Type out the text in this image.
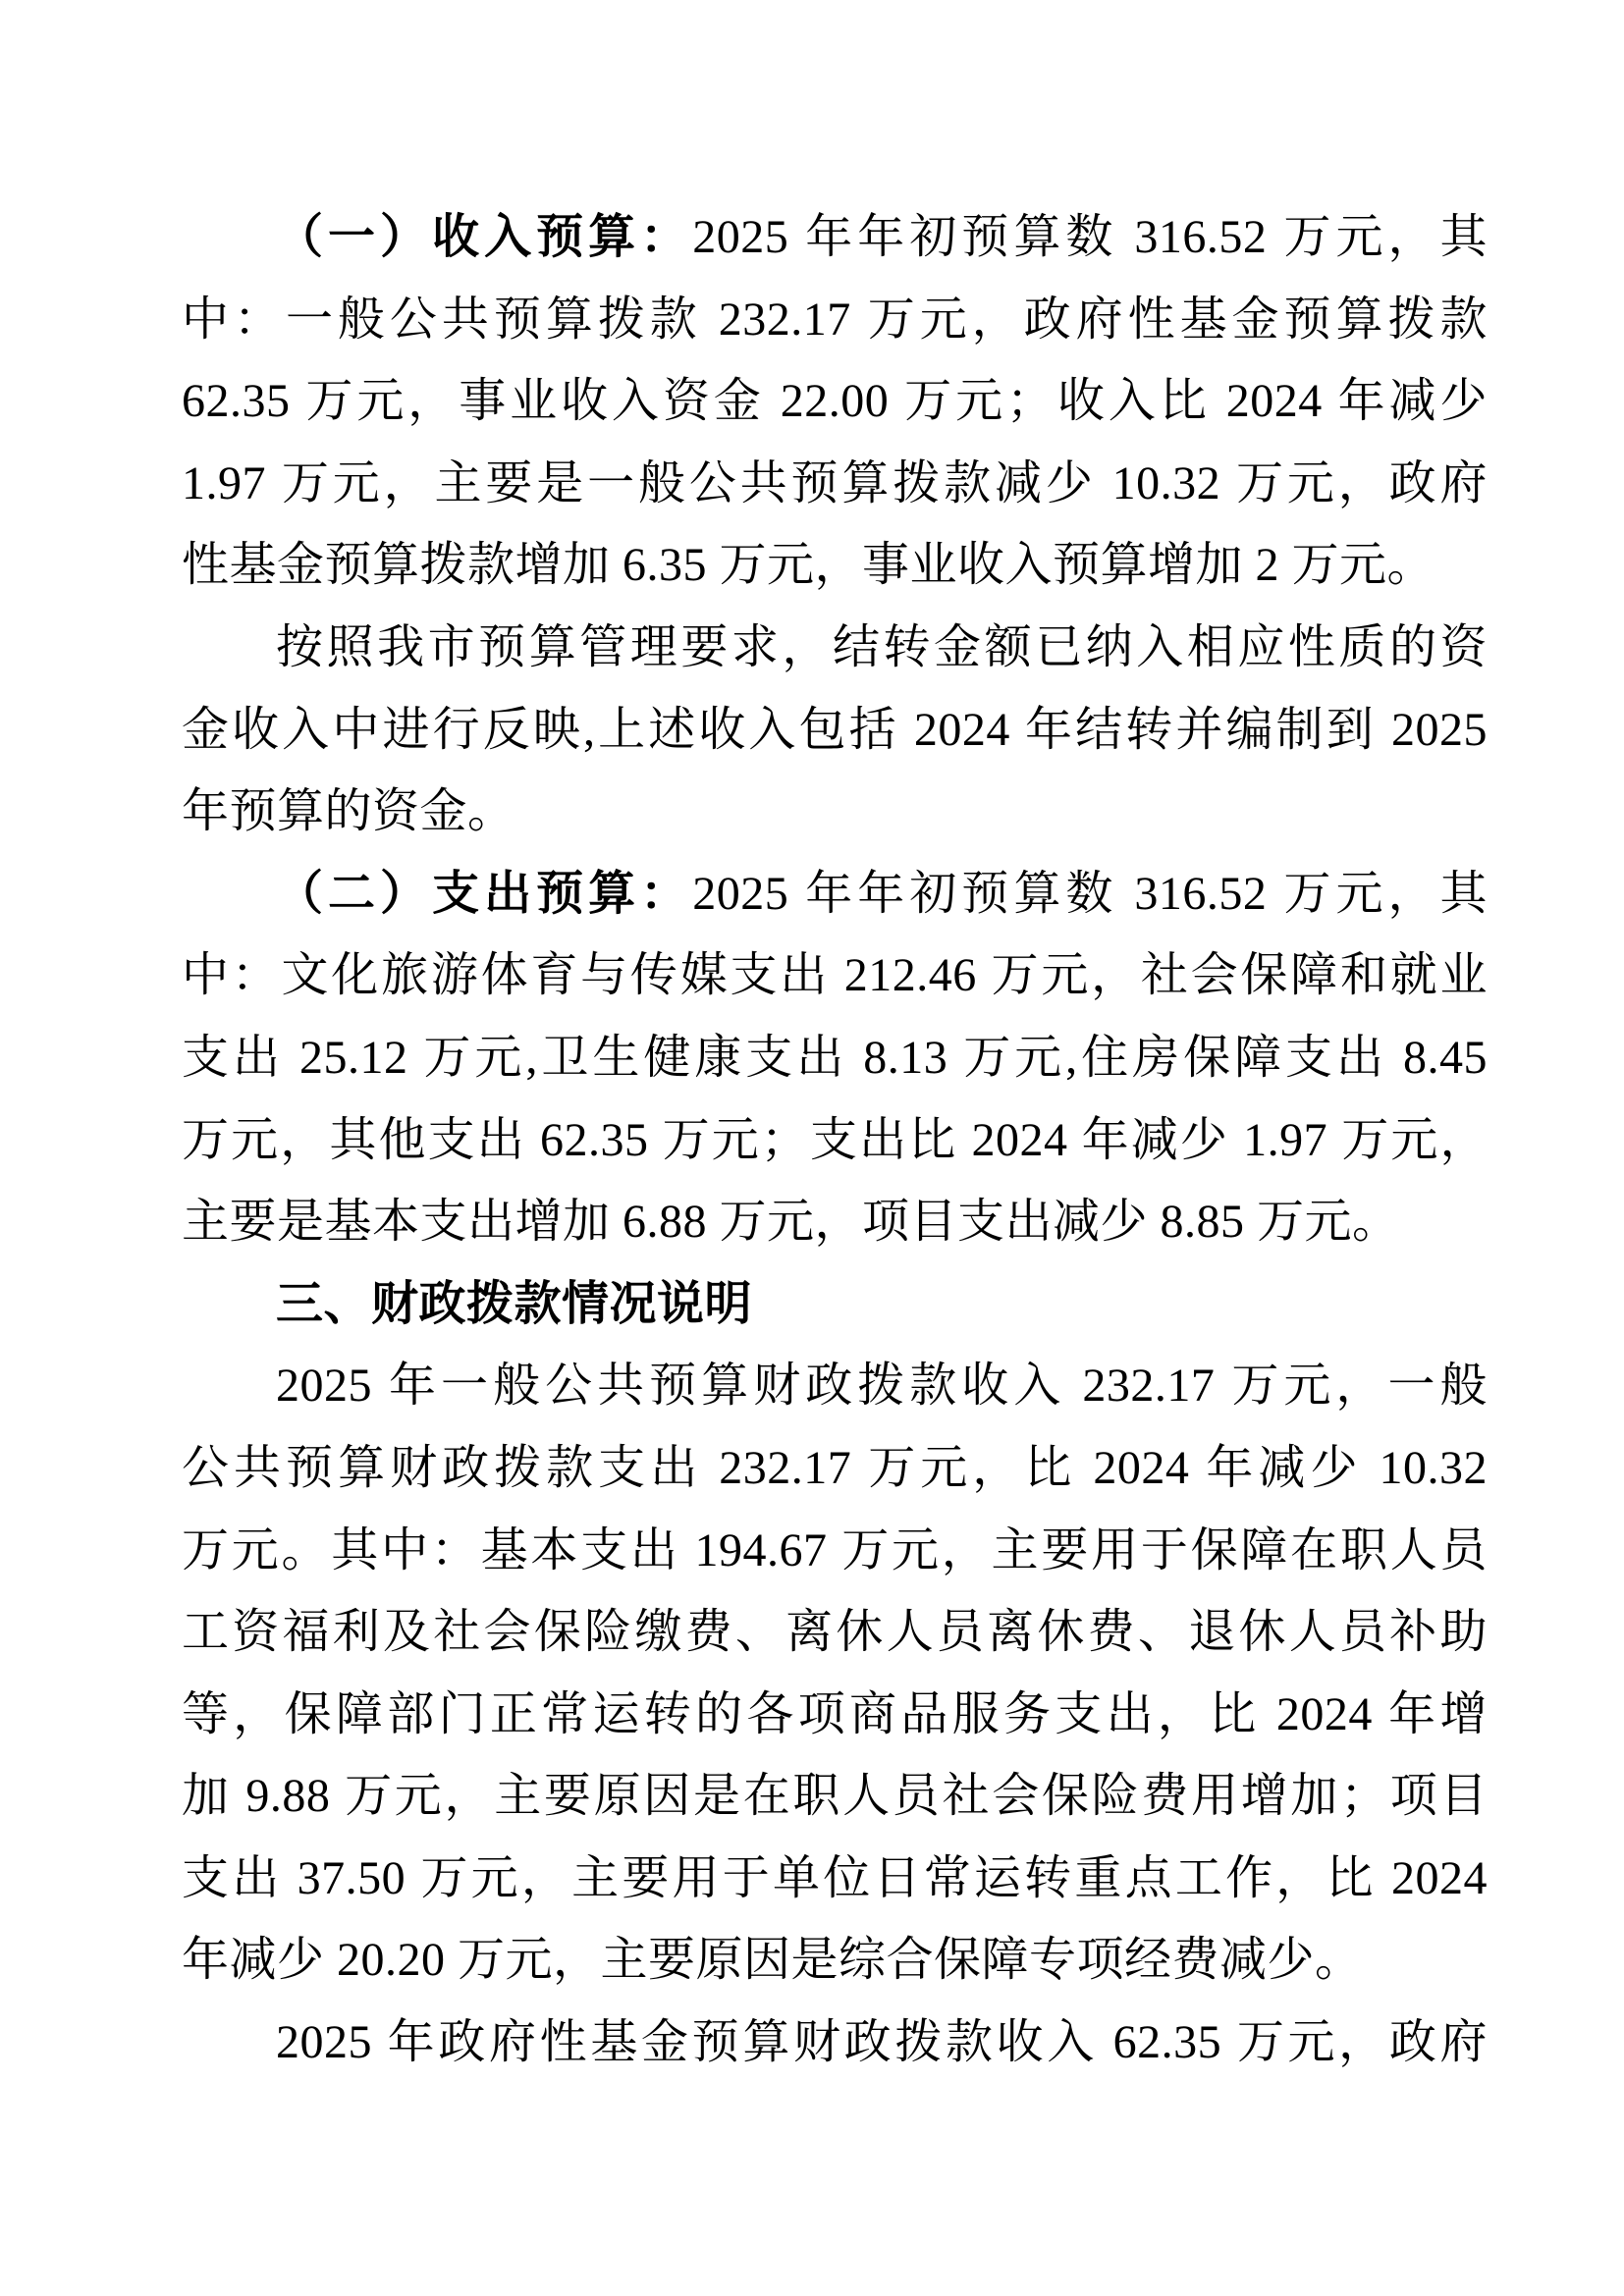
（一）收入预算：2025 年年初预算数 316.52 万元，其
中：一般公共预算拨款 232.17 万元，政府性基金预算拨款
62.35 万元，事业收入资金 22.00 万元；收入比 2024 年减少
1.97 万元，主要是一般公共预算拨款减少 10.32 万元，政府
性基金预算拨款增加 6.35 万元，事业收入预算增加 2 万元。
按照我市预算管理要求，结转金额已纳入相应性质的资
金收入中进行反映,上述收入包括 2024 年结转并编制到 2025
年预算的资金。
（二）支出预算：2025 年年初预算数 316.52 万元，其
中：文化旅游体育与传媒支出 212.46 万元，社会保障和就业
支出 25.12 万元,卫生健康支出 8.13 万元,住房保障支出 8.45
万元，其他支出 62.35 万元；支出比 2024 年减少 1.97 万元，
主要是基本支出增加 6.88 万元，项目支出减少 8.85 万元。
三、财政拨款情况说明
2025 年一般公共预算财政拨款收入 232.17 万元，一般
公共预算财政拨款支出 232.17 万元，比 2024 年减少 10.32
万元。其中：基本支出 194.67 万元，主要用于保障在职人员
工资福利及社会保险缴费、离休人员离休费、退休人员补助
等，保障部门正常运转的各项商品服务支出，比 2024 年增
加 9.88 万元，主要原因是在职人员社会保险费用增加；项目
支出 37.50 万元，主要用于单位日常运转重点工作，比 2024
年减少 20.20 万元，主要原因是综合保障专项经费减少。
2025 年政府性基金预算财政拨款收入 62.35 万元，政府
